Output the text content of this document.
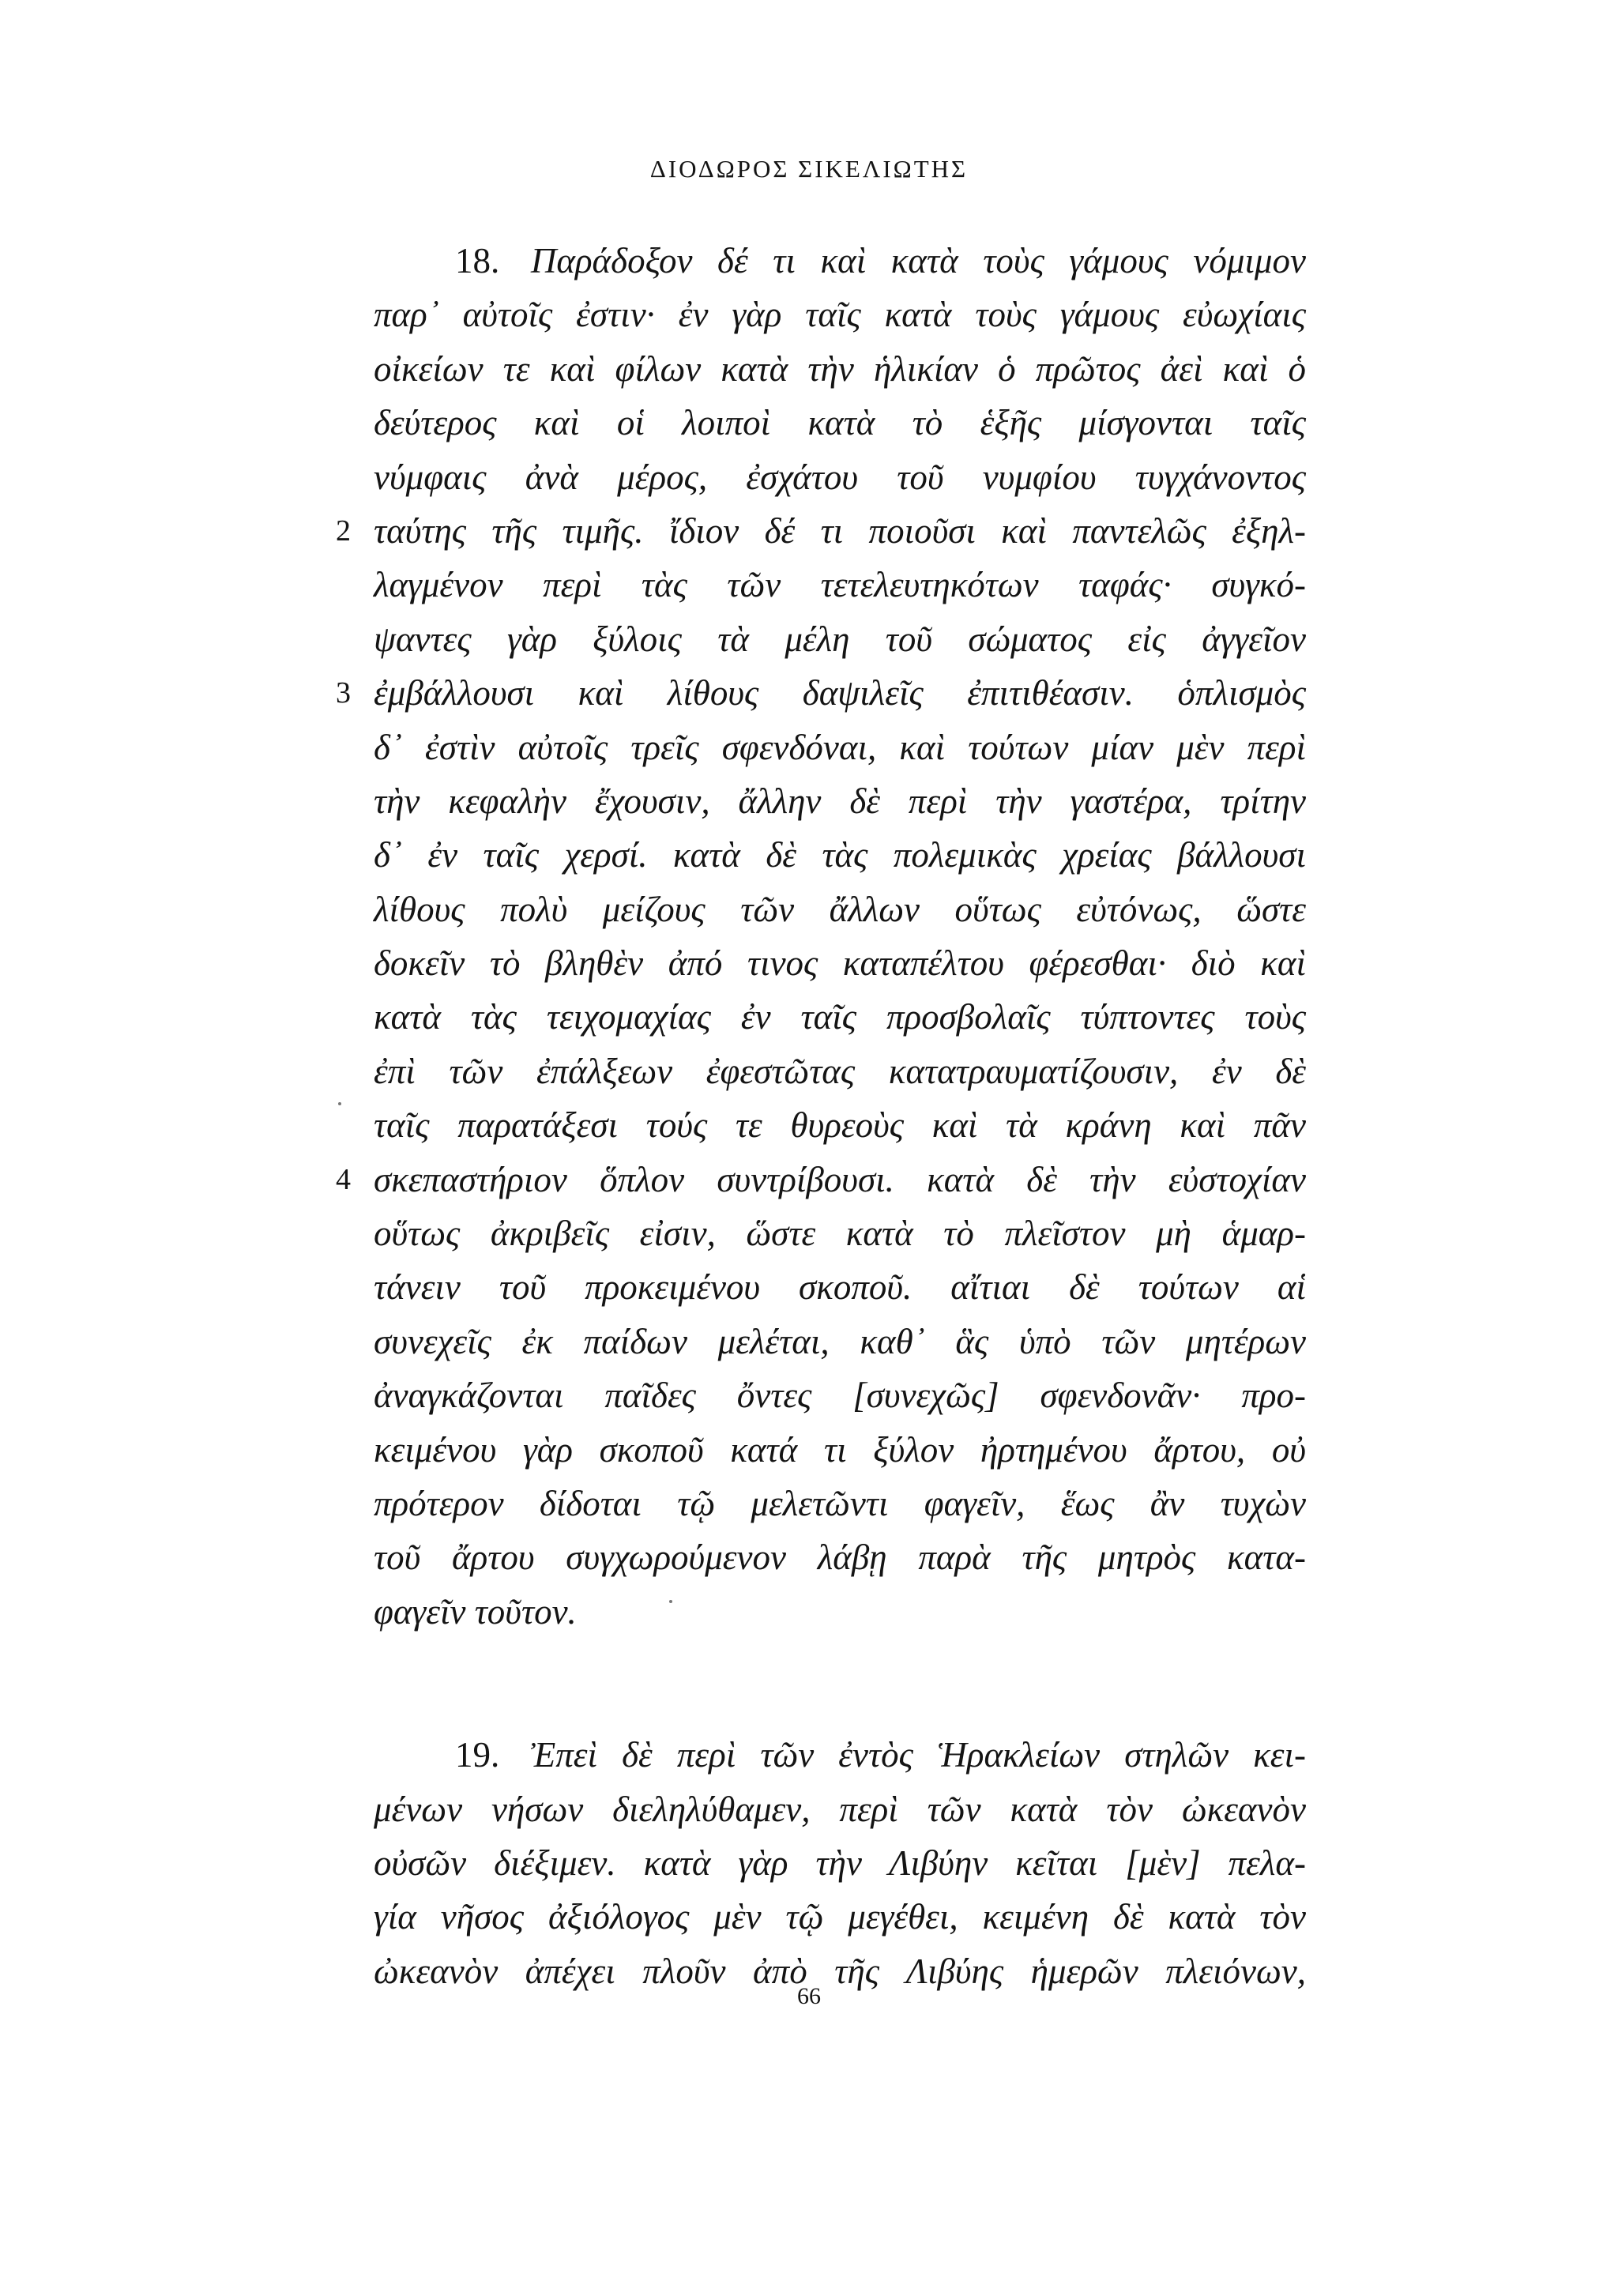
ΔΙΟΔΩΡΟΣ ΣΙΚΕΛΙΩΤΗΣ
18. Παράδοξον δέ τι καὶ κατὰ τοὺς γάμους νόμιμον
παρ᾽ αὐτοῖς ἐστιν· ἐν γὰρ ταῖς κατὰ τοὺς γάμους εὐωχίαις
οἰκείων τε καὶ φίλων κατὰ τὴν ἡλικίαν ὁ πρῶτος ἀεὶ καὶ ὁ
δεύτερος καὶ οἱ λοιποὶ κατὰ τὸ ἑξῆς μίσγονται ταῖς
νύμφαις ἀνὰ μέρος, ἐσχάτου τοῦ νυμφίου τυγχάνοντος
2 ταύτης τῆς τιμῆς. ἴδιον δέ τι ποιοῦσι καὶ παντελῶς ἐξηλ-
λαγμένον περὶ τὰς τῶν τετελευτηκότων ταφάς· συγκό-
ψαντες γὰρ ξύλοις τὰ μέλη τοῦ σώματος εἰς ἀγγεῖον
3 ἐμβάλλουσι καὶ λίθους δαψιλεῖς ἐπιτιθέασιν. ὁπλισμὸς
δ᾽ ἐστὶν αὐτοῖς τρεῖς σφενδόναι, καὶ τούτων μίαν μὲν περὶ
τὴν κεφαλὴν ἔχουσιν, ἄλλην δὲ περὶ τὴν γαστέρα, τρίτην
δ᾽ ἐν ταῖς χερσί. κατὰ δὲ τὰς πολεμικὰς χρείας βάλλουσι
λίθους πολὺ μείζους τῶν ἄλλων οὕτως εὐτόνως, ὥστε
δοκεῖν τὸ βληθὲν ἀπό τινος καταπέλτου φέρεσθαι· διὸ καὶ
κατὰ τὰς τειχομαχίας ἐν ταῖς προσβολαῖς τύπτοντες τοὺς
ἐπὶ τῶν ἐπάλξεων ἐφεστῶτας κατατραυματίζουσιν, ἐν δὲ
ταῖς παρατάξεσι τούς τε θυρεοὺς καὶ τὰ κράνη καὶ πᾶν
4 σκεπαστήριον ὅπλον συντρίβουσι. κατὰ δὲ τὴν εὐστοχίαν
οὕτως ἀκριβεῖς εἰσιν, ὥστε κατὰ τὸ πλεῖστον μὴ ἁμαρ-
τάνειν τοῦ προκειμένου σκοποῦ. αἴτιαι δὲ τούτων αἱ
συνεχεῖς ἐκ παίδων μελέται, καθ᾽ ἃς ὑπὸ τῶν μητέρων
ἀναγκάζονται παῖδες ὄντες [συνεχῶς] σφενδονᾶν· προ-
κειμένου γὰρ σκοποῦ κατά τι ξύλον ἠρτημένου ἄρτου, οὐ
πρότερον δίδοται τῷ μελετῶντι φαγεῖν, ἕως ἂν τυχὼν
τοῦ ἄρτου συγχωρούμενον λάβῃ παρὰ τῆς μητρὸς κατα-
φαγεῖν τοῦτον.
19. Ἐπεὶ δὲ περὶ τῶν ἐντὸς Ἡρακλείων στηλῶν κει-
μένων νήσων διεληλύθαμεν, περὶ τῶν κατὰ τὸν ὠκεανὸν
οὐσῶν διέξιμεν. κατὰ γὰρ τὴν Λιβύην κεῖται [μὲν] πελα-
γία νῆσος ἀξιόλογος μὲν τῷ μεγέθει, κειμένη δὲ κατὰ τὸν
ὠκεανὸν ἀπέχει πλοῦν ἀπὸ τῆς Λιβύης ἡμερῶν πλειόνων,
66
